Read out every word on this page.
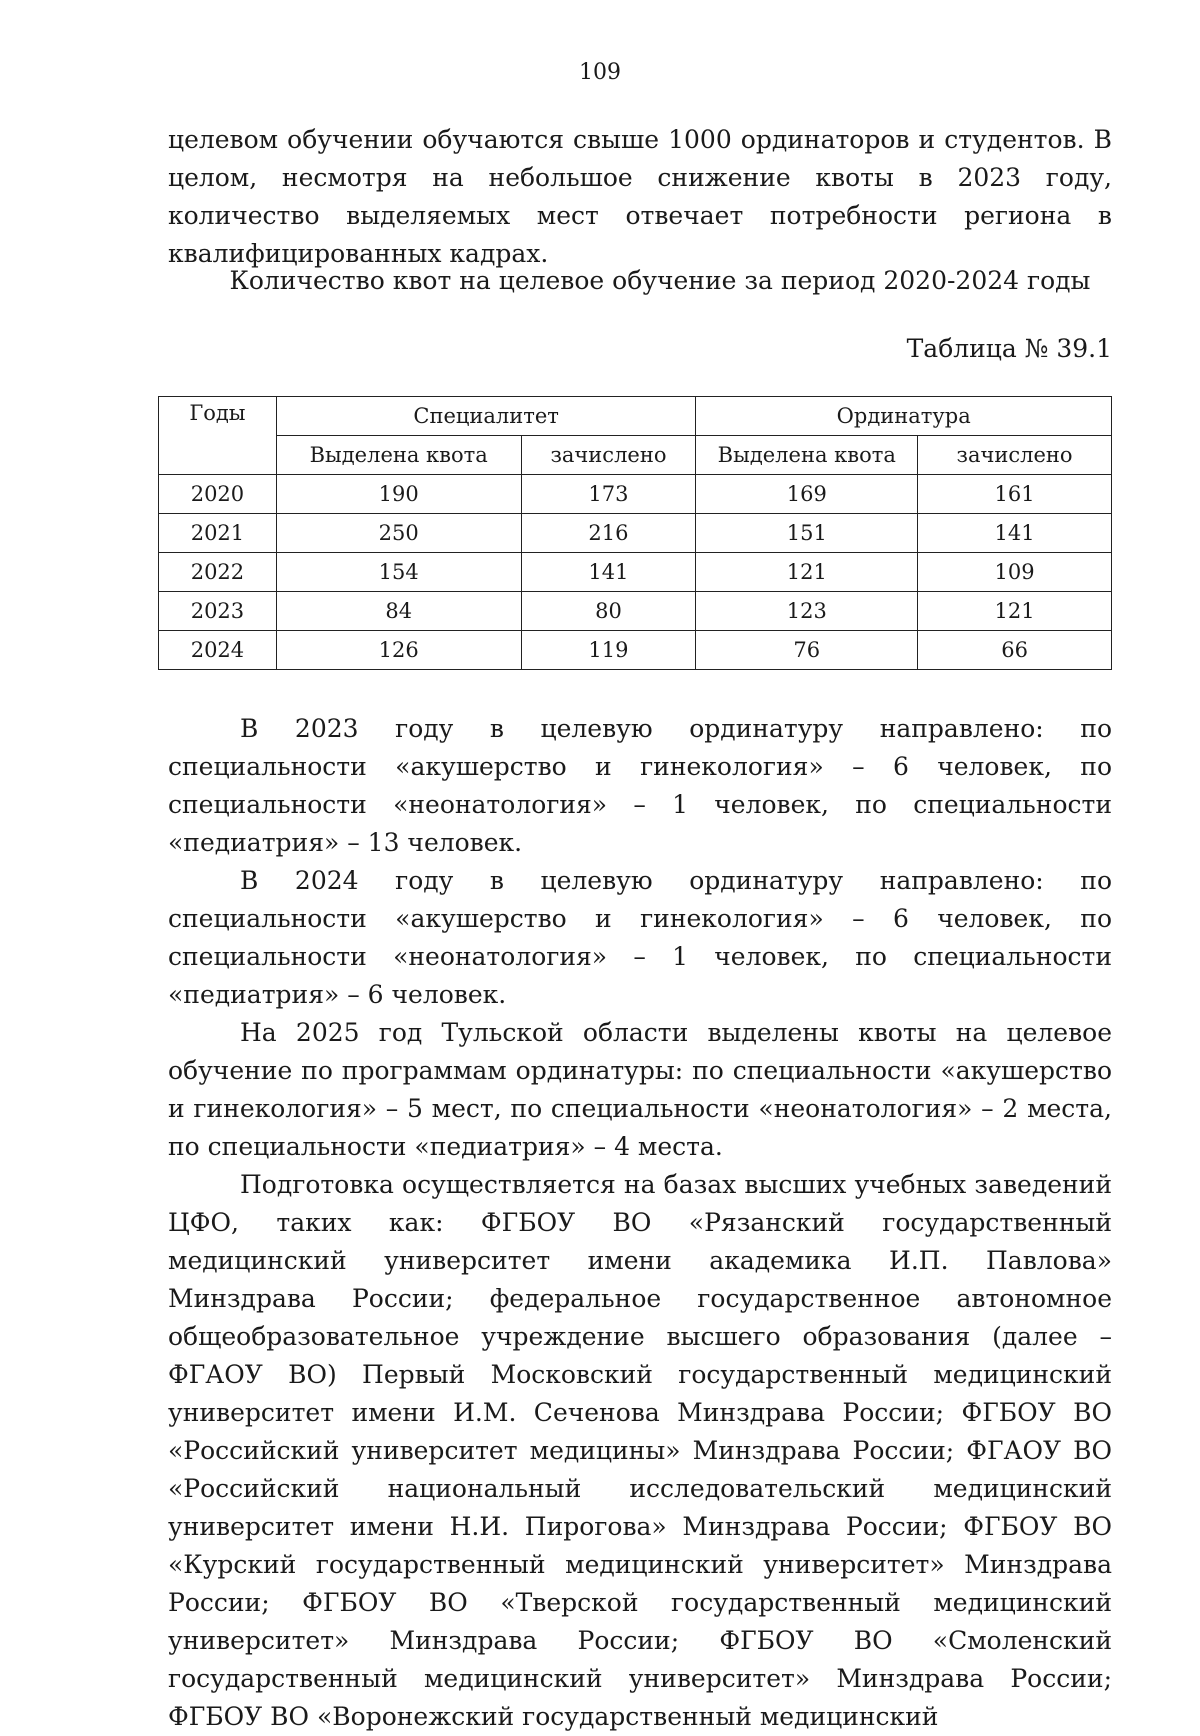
109

целевом обучении обучаются свыше 1000 ординаторов и студентов. В целом, несмотря на небольшое снижение квоты в 2023 году, количество выделяемых мест отвечает потребности региона в квалифицированных кадрах.

Количество квот на целевое обучение за период 2020-2024 годы
Таблица № 39.1
Годы	Специалитет		Ординатура	
	Выделена квота	зачислено	Выделена квота	зачислено
2020	190	173	169	161
2021	250	216	151	141
2022	154	141	121	109
2023	84	80	123	121
2024	126	119	76	66

В 2023 году в целевую ординатуру направлено: по специальности «акушерство и гинекология» – 6 человек, по специальности «неонатология» – 1 человек, по специальности «педиатрия» – 13 человек.

В 2024 году в целевую ординатуру направлено: по специальности «акушерство и гинекология» – 6 человек, по специальности «неонатология» – 1 человек, по специальности «педиатрия» – 6 человек.

На 2025 год Тульской области выделены квоты на целевое обучение по программам ординатуры: по специальности «акушерство и гинекология» – 5 мест, по специальности «неонатология» – 2 места, по специальности «педиатрия» – 4 места.

Подготовка осуществляется на базах высших учебных заведений ЦФО, таких как: ФГБОУ ВО «Рязанский государственный медицинский университет имени академика И.П. Павлова» Минздрава России; федеральное государственное автономное общеобразовательное учреждение высшего образования (далее – ФГАОУ ВО) Первый Московский государственный медицинский университет имени И.М. Сеченова Минздрава России; ФГБОУ ВО «Российский университет медицины» Минздрава России; ФГАОУ ВО «Российский национальный исследовательский медицинский университет имени Н.И. Пирогова» Минздрава России; ФГБОУ ВО «Курский государственный медицинский университет» Минздрава России; ФГБОУ ВО «Тверской государственный медицинский университет» Минздрава России; ФГБОУ ВО «Смоленский государственный медицинский университет» Минздрава России; ФГБОУ ВО «Воронежский государственный медицинский
